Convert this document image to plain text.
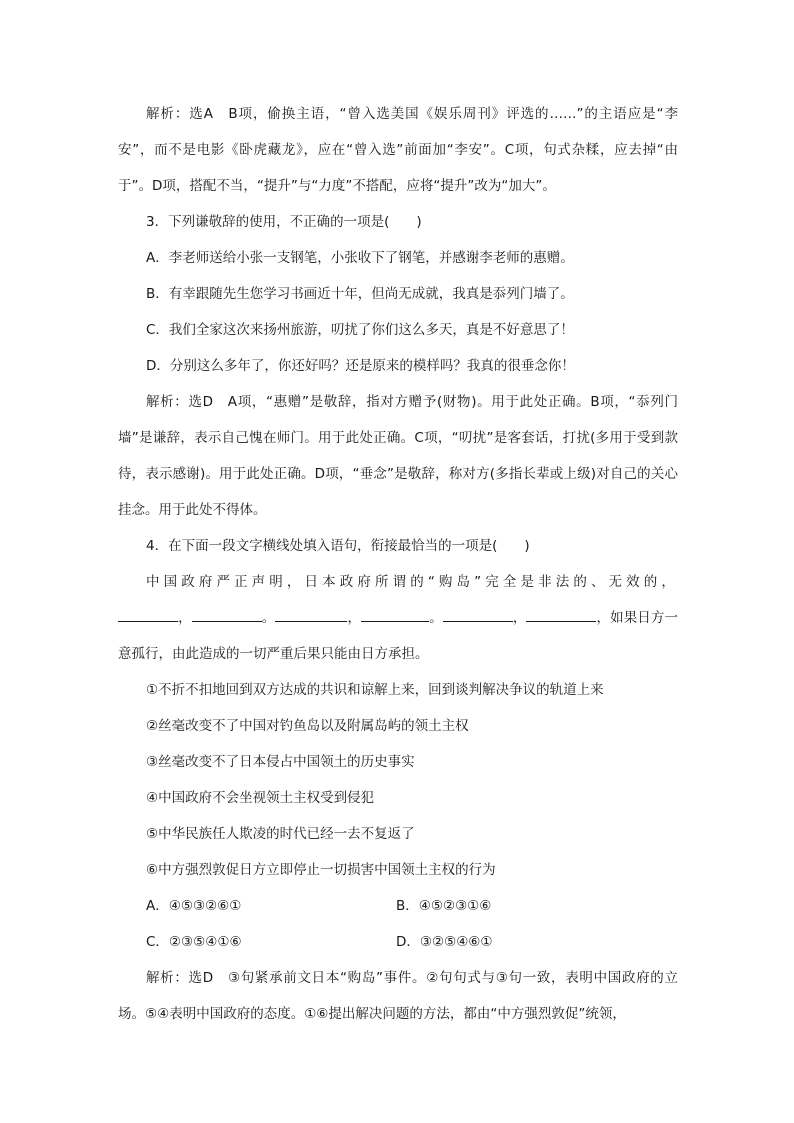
解析：选A　B项，偷换主语，“曾入选美国《娱乐周刊》评选的……”的主语应是“李安”，而不是电影《卧虎藏龙》，应在“曾入选”前面加“李安”。C项，句式杂糅，应去掉“由于”。D项，搭配不当，“提升”与“力度”不搭配，应将“提升”改为“加大”。
3．下列谦敬辞的使用，不正确的一项是(　　)
A．李老师送给小张一支钢笔，小张收下了钢笔，并感谢李老师的惠赠。
B．有幸跟随先生您学习书画近十年，但尚无成就，我真是忝列门墙了。
C．我们全家这次来扬州旅游，叨扰了你们这么多天，真是不好意思了！
D．分别这么多年了，你还好吗？还是原来的模样吗？我真的很垂念你！
解析：选D　A项，“惠赠”是敬辞，指对方赠予(财物)。用于此处正确。B项，“忝列门墙”是谦辞，表示自己愧在师门。用于此处正确。C项，“叨扰”是客套话，打扰(多用于受到款待，表示感谢)。用于此处正确。D项，“垂念”是敬辞，称对方(多指长辈或上级)对自己的关心挂念。用于此处不得体。
4．在下面一段文字横线处填入语句，衔接最恰当的一项是(　　)
中国政府严正声明，日本政府所谓的“购岛”完全是非法的、无效的，，	。	，	。	，	，如果日方一意孤行，由此造成的一切严重后果只能由日方承担。
①不折不扣地回到双方达成的共识和谅解上来，回到谈判解决争议的轨道上来
②丝毫改变不了中国对钓鱼岛以及附属岛屿的领土主权
③丝毫改变不了日本侵占中国领土的历史事实
④中国政府不会坐视领土主权受到侵犯
⑤中华民族任人欺凌的时代已经一去不复返了
⑥中方强烈敦促日方立即停止一切损害中国领土主权的行为
A．④⑤③②⑥①	B．④⑤②③①⑥
C．②③⑤④①⑥	D．③②⑤④⑥①
解析：选D　③句紧承前文日本“购岛”事件。②句句式与③句一致，表明中国政府的立场。⑤④表明中国政府的态度。①⑥提出解决问题的方法，都由“中方强烈敦促”统领，
